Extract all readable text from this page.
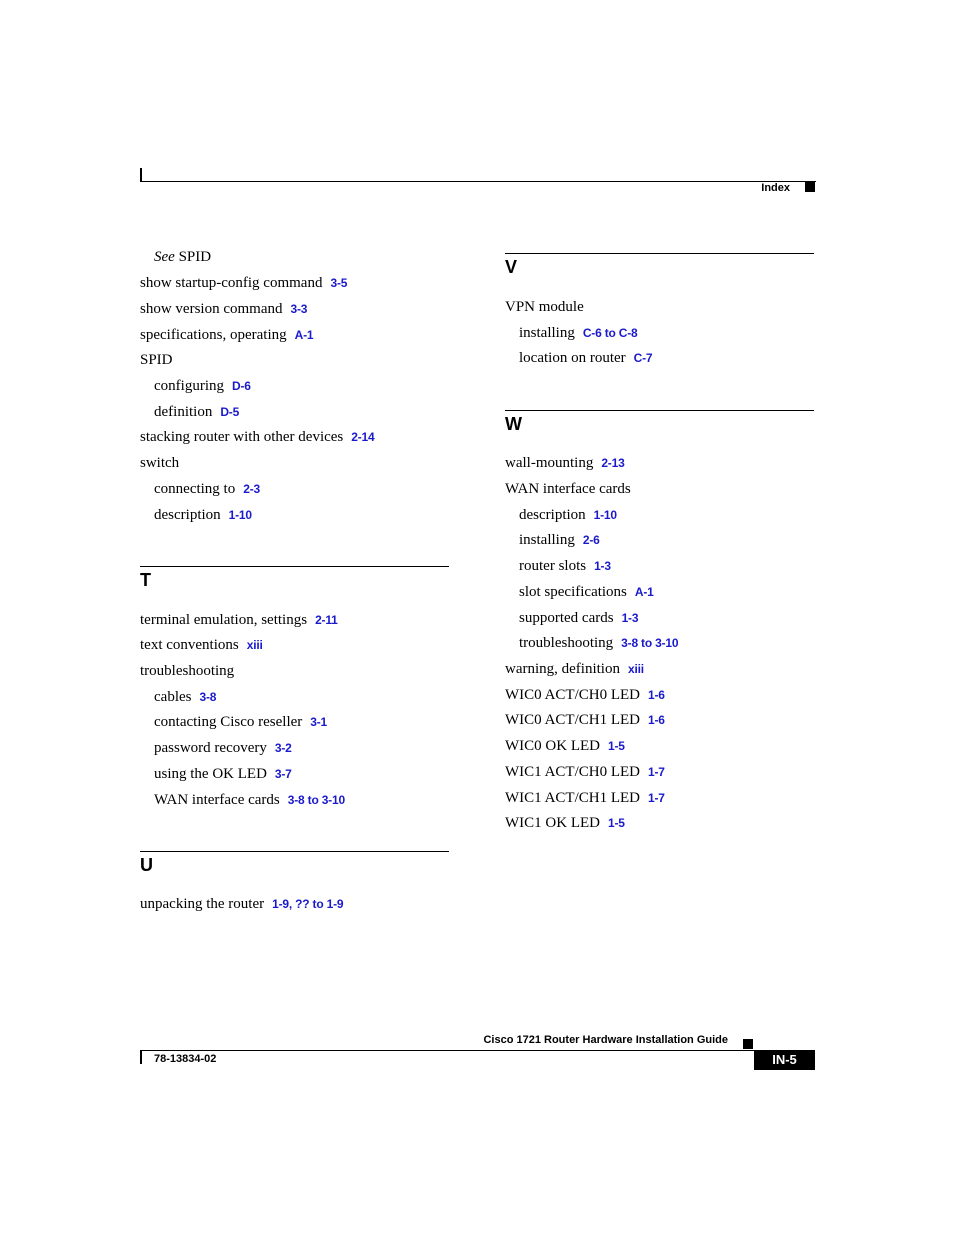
Index
See SPID
show startup-config command 3-5
show version command 3-3
specifications, operating A-1
SPID
configuring D-6
definition D-5
stacking router with other devices 2-14
switch
connecting to 2-3
description 1-10
T
terminal emulation, settings 2-11
text conventions xiii
troubleshooting
cables 3-8
contacting Cisco reseller 3-1
password recovery 3-2
using the OK LED 3-7
WAN interface cards 3-8 to 3-10
U
unpacking the router 1-9, ?? to 1-9
V
VPN module
installing C-6 to C-8
location on router C-7
W
wall-mounting 2-13
WAN interface cards
description 1-10
installing 2-6
router slots 1-3
slot specifications A-1
supported cards 1-3
troubleshooting 3-8 to 3-10
warning, definition xiii
WIC0 ACT/CH0 LED 1-6
WIC0 ACT/CH1 LED 1-6
WIC0 OK LED 1-5
WIC1 ACT/CH0 LED 1-7
WIC1 ACT/CH1 LED 1-7
WIC1 OK LED 1-5
Cisco 1721 Router Hardware Installation Guide
78-13834-02	IN-5
